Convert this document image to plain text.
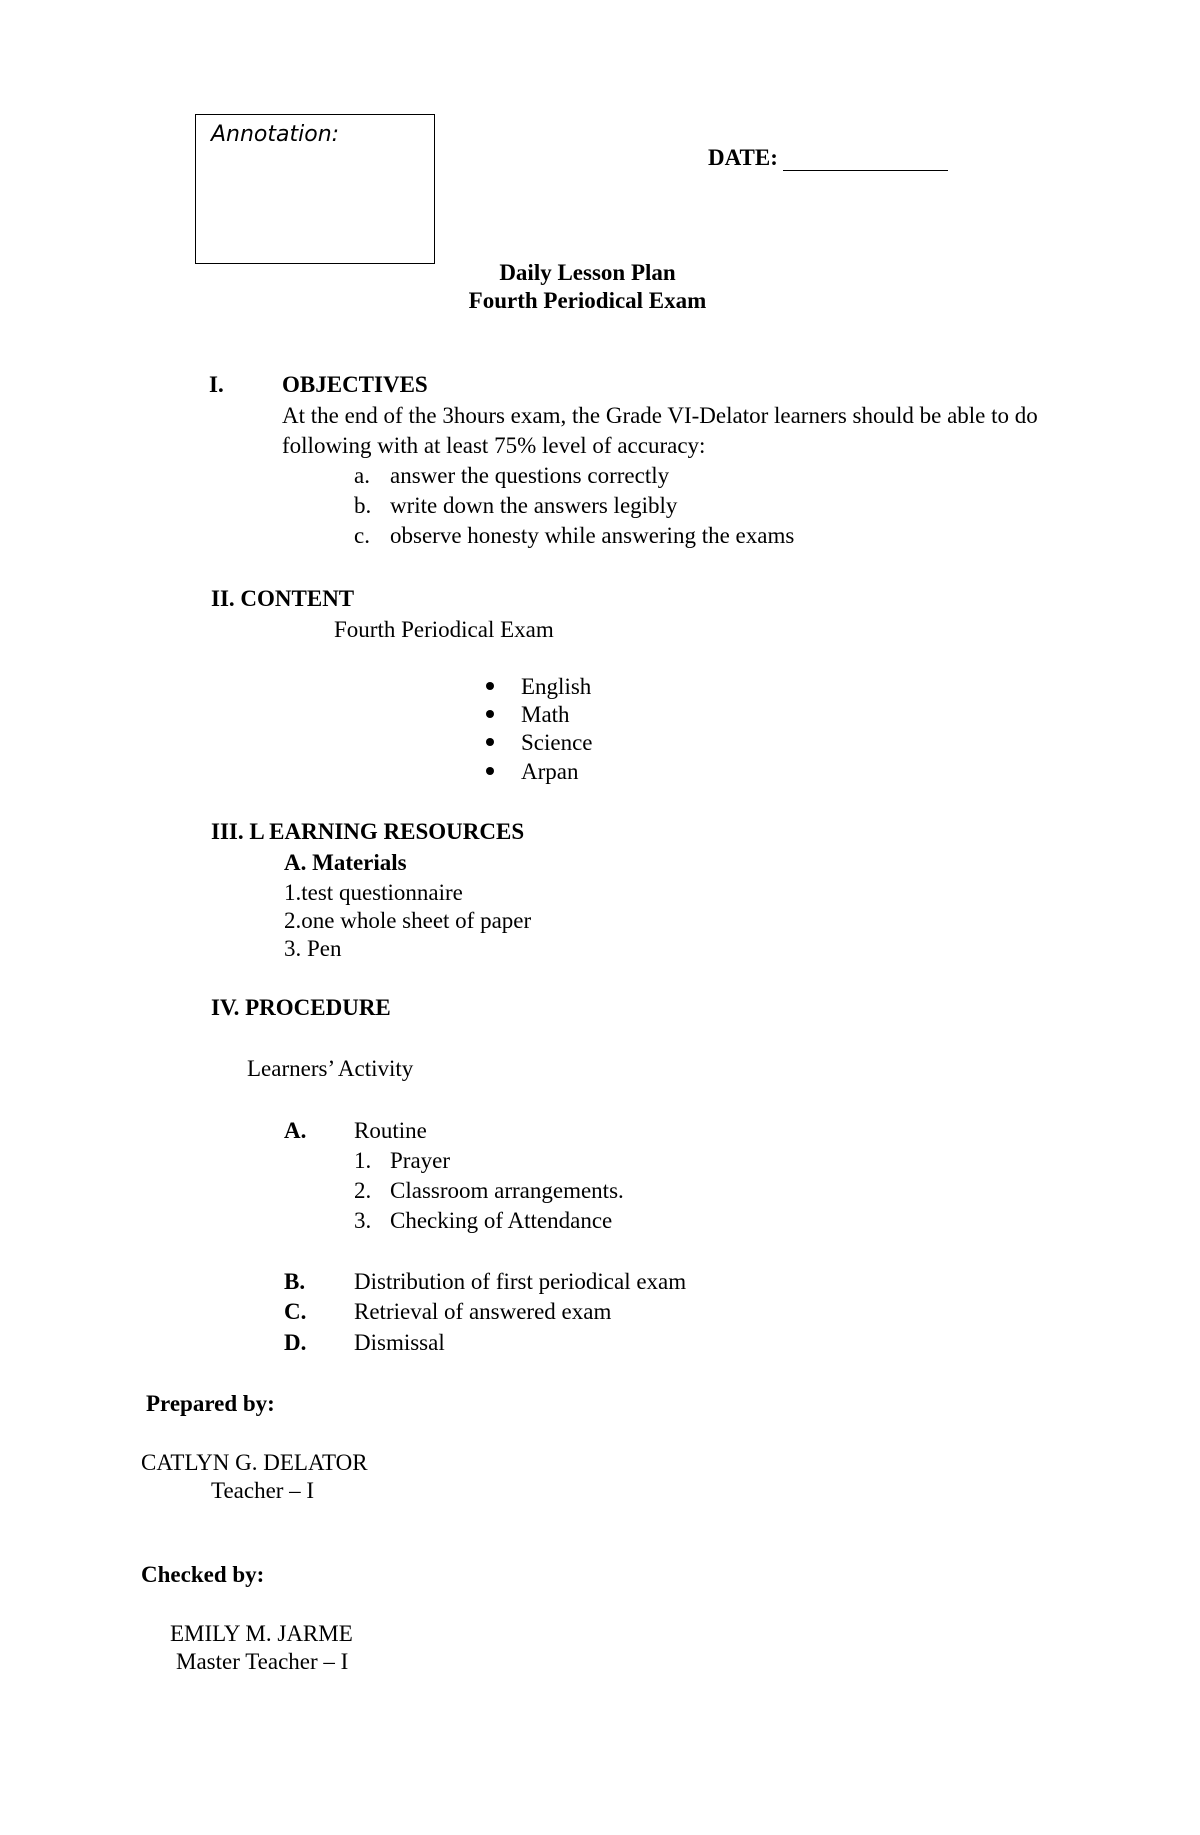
Annotation:
DATE:
Daily Lesson Plan
Fourth Periodical Exam
I.	OBJECTIVES
At the end of the 3hours exam, the Grade VI-Delator learners should be able to do
following with at least 75% level of accuracy:
a. answer the questions correctly
b. write down the answers legibly
c. observe honesty while answering the exams
II. CONTENT
Fourth Periodical Exam
English
Math
Science
Arpan
III. L EARNING RESOURCES
A. Materials
1.test questionnaire
2.one whole sheet of paper
3. Pen
IV. PROCEDURE
Learners’ Activity
A. Routine
1. Prayer
2. Classroom arrangements.
3. Checking of Attendance
B. Distribution of first periodical exam
C. Retrieval of answered exam
D. Dismissal
Prepared by:
CATLYN G. DELATOR
Teacher – I
Checked by:
EMILY M. JARME
Master Teacher – I
